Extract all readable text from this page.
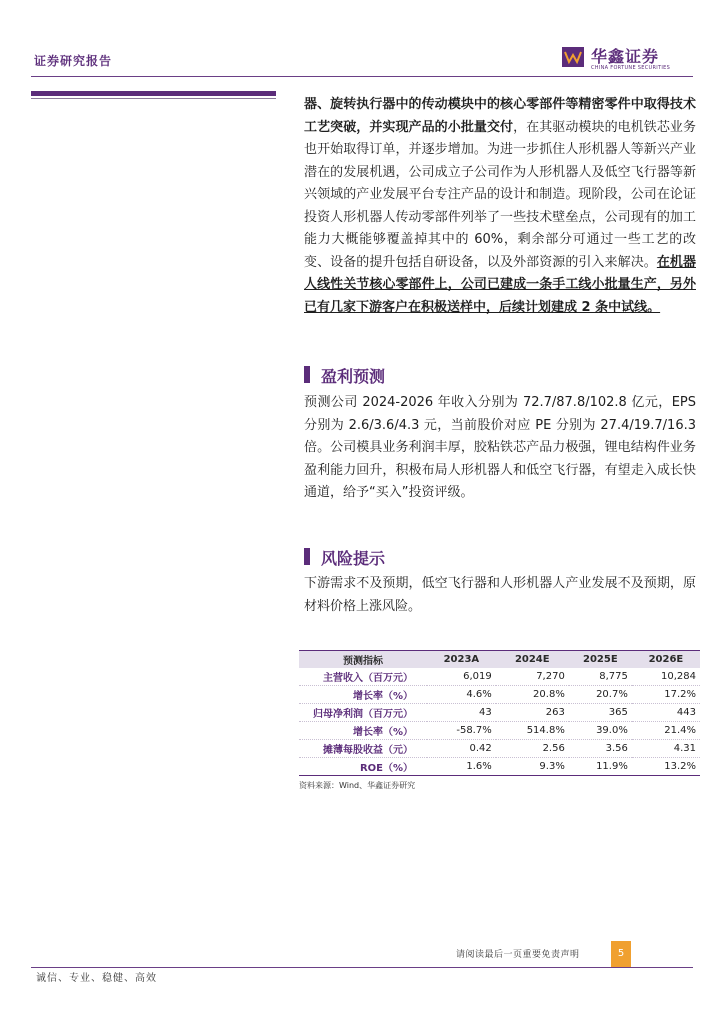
证券研究报告	华鑫证券
CHINA FORTUNE SECURITIES

器、旋转执行器中的传动模块中的核心零部件等精密零件中取得技术工艺突破，并实现产品的小批量交付，在其驱动模块的电机铁芯业务也开始取得订单，并逐步增加。为进一步抓住人形机器人等新兴产业潜在的发展机遇，公司成立子公司作为人形机器人及低空飞行器等新兴领域的产业发展平台专注产品的设计和制造。现阶段，公司在论证投资人形机器人传动零部件列举了一些技术壁垒点，公司现有的加工能力大概能够覆盖掉其中的 60%，剩余部分可通过一些工艺的改变、设备的提升包括自研设备，以及外部资源的引入来解决。在机器人线性关节核心零部件上，公司已建成一条手工线小批量生产，另外已有几家下游客户在积极送样中，后续计划建成 2 条中试线。

盈利预测

预测公司 2024-2026 年收入分别为 72.7/87.8/102.8 亿元，EPS 分别为 2.6/3.6/4.3 元，当前股价对应 PE 分别为 27.4/19.7/16.3 倍。公司模具业务利润丰厚，胶粘铁芯产品力极强，锂电结构件业务盈利能力回升，积极布局人形机器人和低空飞行器，有望走入成长快通道，给予“买入”投资评级。

风险提示

下游需求不及预期，低空飞行器和人形机器人产业发展不及预期，原材料价格上涨风险。

预测指标	2023A	2024E	2025E	2026E
主营收入（百万元）	6,019	7,270	8,775	10,284
增长率（%）	4.6%	20.8%	20.7%	17.2%
归母净利润（百万元）	43	263	365	443
增长率（%）	-58.7%	514.8%	39.0%	21.4%
摊薄每股收益（元）	0.42	2.56	3.56	4.31
ROE（%）	1.6%	9.3%	11.9%	13.2%
资料来源：Wind、华鑫证券研究
请阅读最后一页重要免责声明	5
诚信、专业、稳健、高效
